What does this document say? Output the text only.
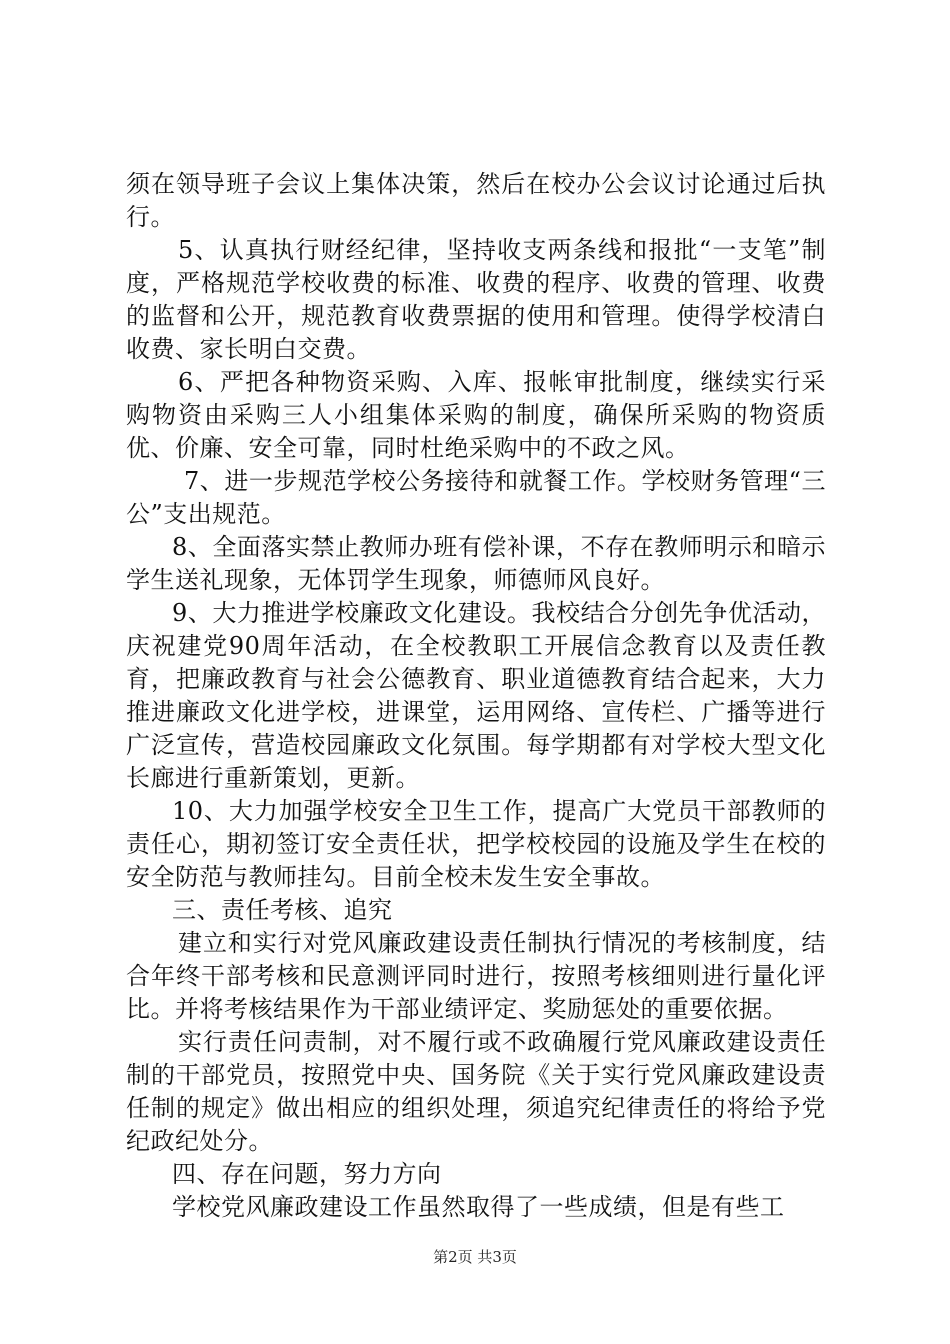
须在领导班子会议上集体决策，然后在校办公会议讨论通过后执行。

5、认真执行财经纪律，坚持收支两条线和报批“一支笔”制度，严格规范学校收费的标准、收费的程序、收费的管理、收费的监督和公开，规范教育收费票据的使用和管理。使得学校清白收费、家长明白交费。

6、严把各种物资采购、入库、报帐审批制度，继续实行采购物资由采购三人小组集体采购的制度，确保所采购的物资质优、价廉、安全可靠，同时杜绝采购中的不政之风。

7、进一步规范学校公务接待和就餐工作。学校财务管理“三公”支出规范。

8、全面落实禁止教师办班有偿补课，不存在教师明示和暗示学生送礼现象，无体罚学生现象，师德师风良好。

9、大力推进学校廉政文化建设。我校结合分创先争优活动，庆祝建党90周年活动，在全校教职工开展信念教育以及责任教育，把廉政教育与社会公德教育、职业道德教育结合起来，大力推进廉政文化进学校，进课堂，运用网络、宣传栏、广播等进行广泛宣传，营造校园廉政文化氛围。每学期都有对学校大型文化长廊进行重新策划，更新。

10、大力加强学校安全卫生工作，提高广大党员干部教师的责任心，期初签订安全责任状，把学校校园的设施及学生在校的安全防范与教师挂勾。目前全校未发生安全事故。

三、责任考核、追究

建立和实行对党风廉政建设责任制执行情况的考核制度，结合年终干部考核和民意测评同时进行，按照考核细则进行量化评比。并将考核结果作为干部业绩评定、奖励惩处的重要依据。

实行责任问责制，对不履行或不政确履行党风廉政建设责任制的干部党员，按照党中央、国务院《关于实行党风廉政建设责任制的规定》做出相应的组织处理，须追究纪律责任的将给予党纪政纪处分。

四、存在问题，努力方向

学校党风廉政建设工作虽然取得了一些成绩，但是有些工

第2页 共3页
